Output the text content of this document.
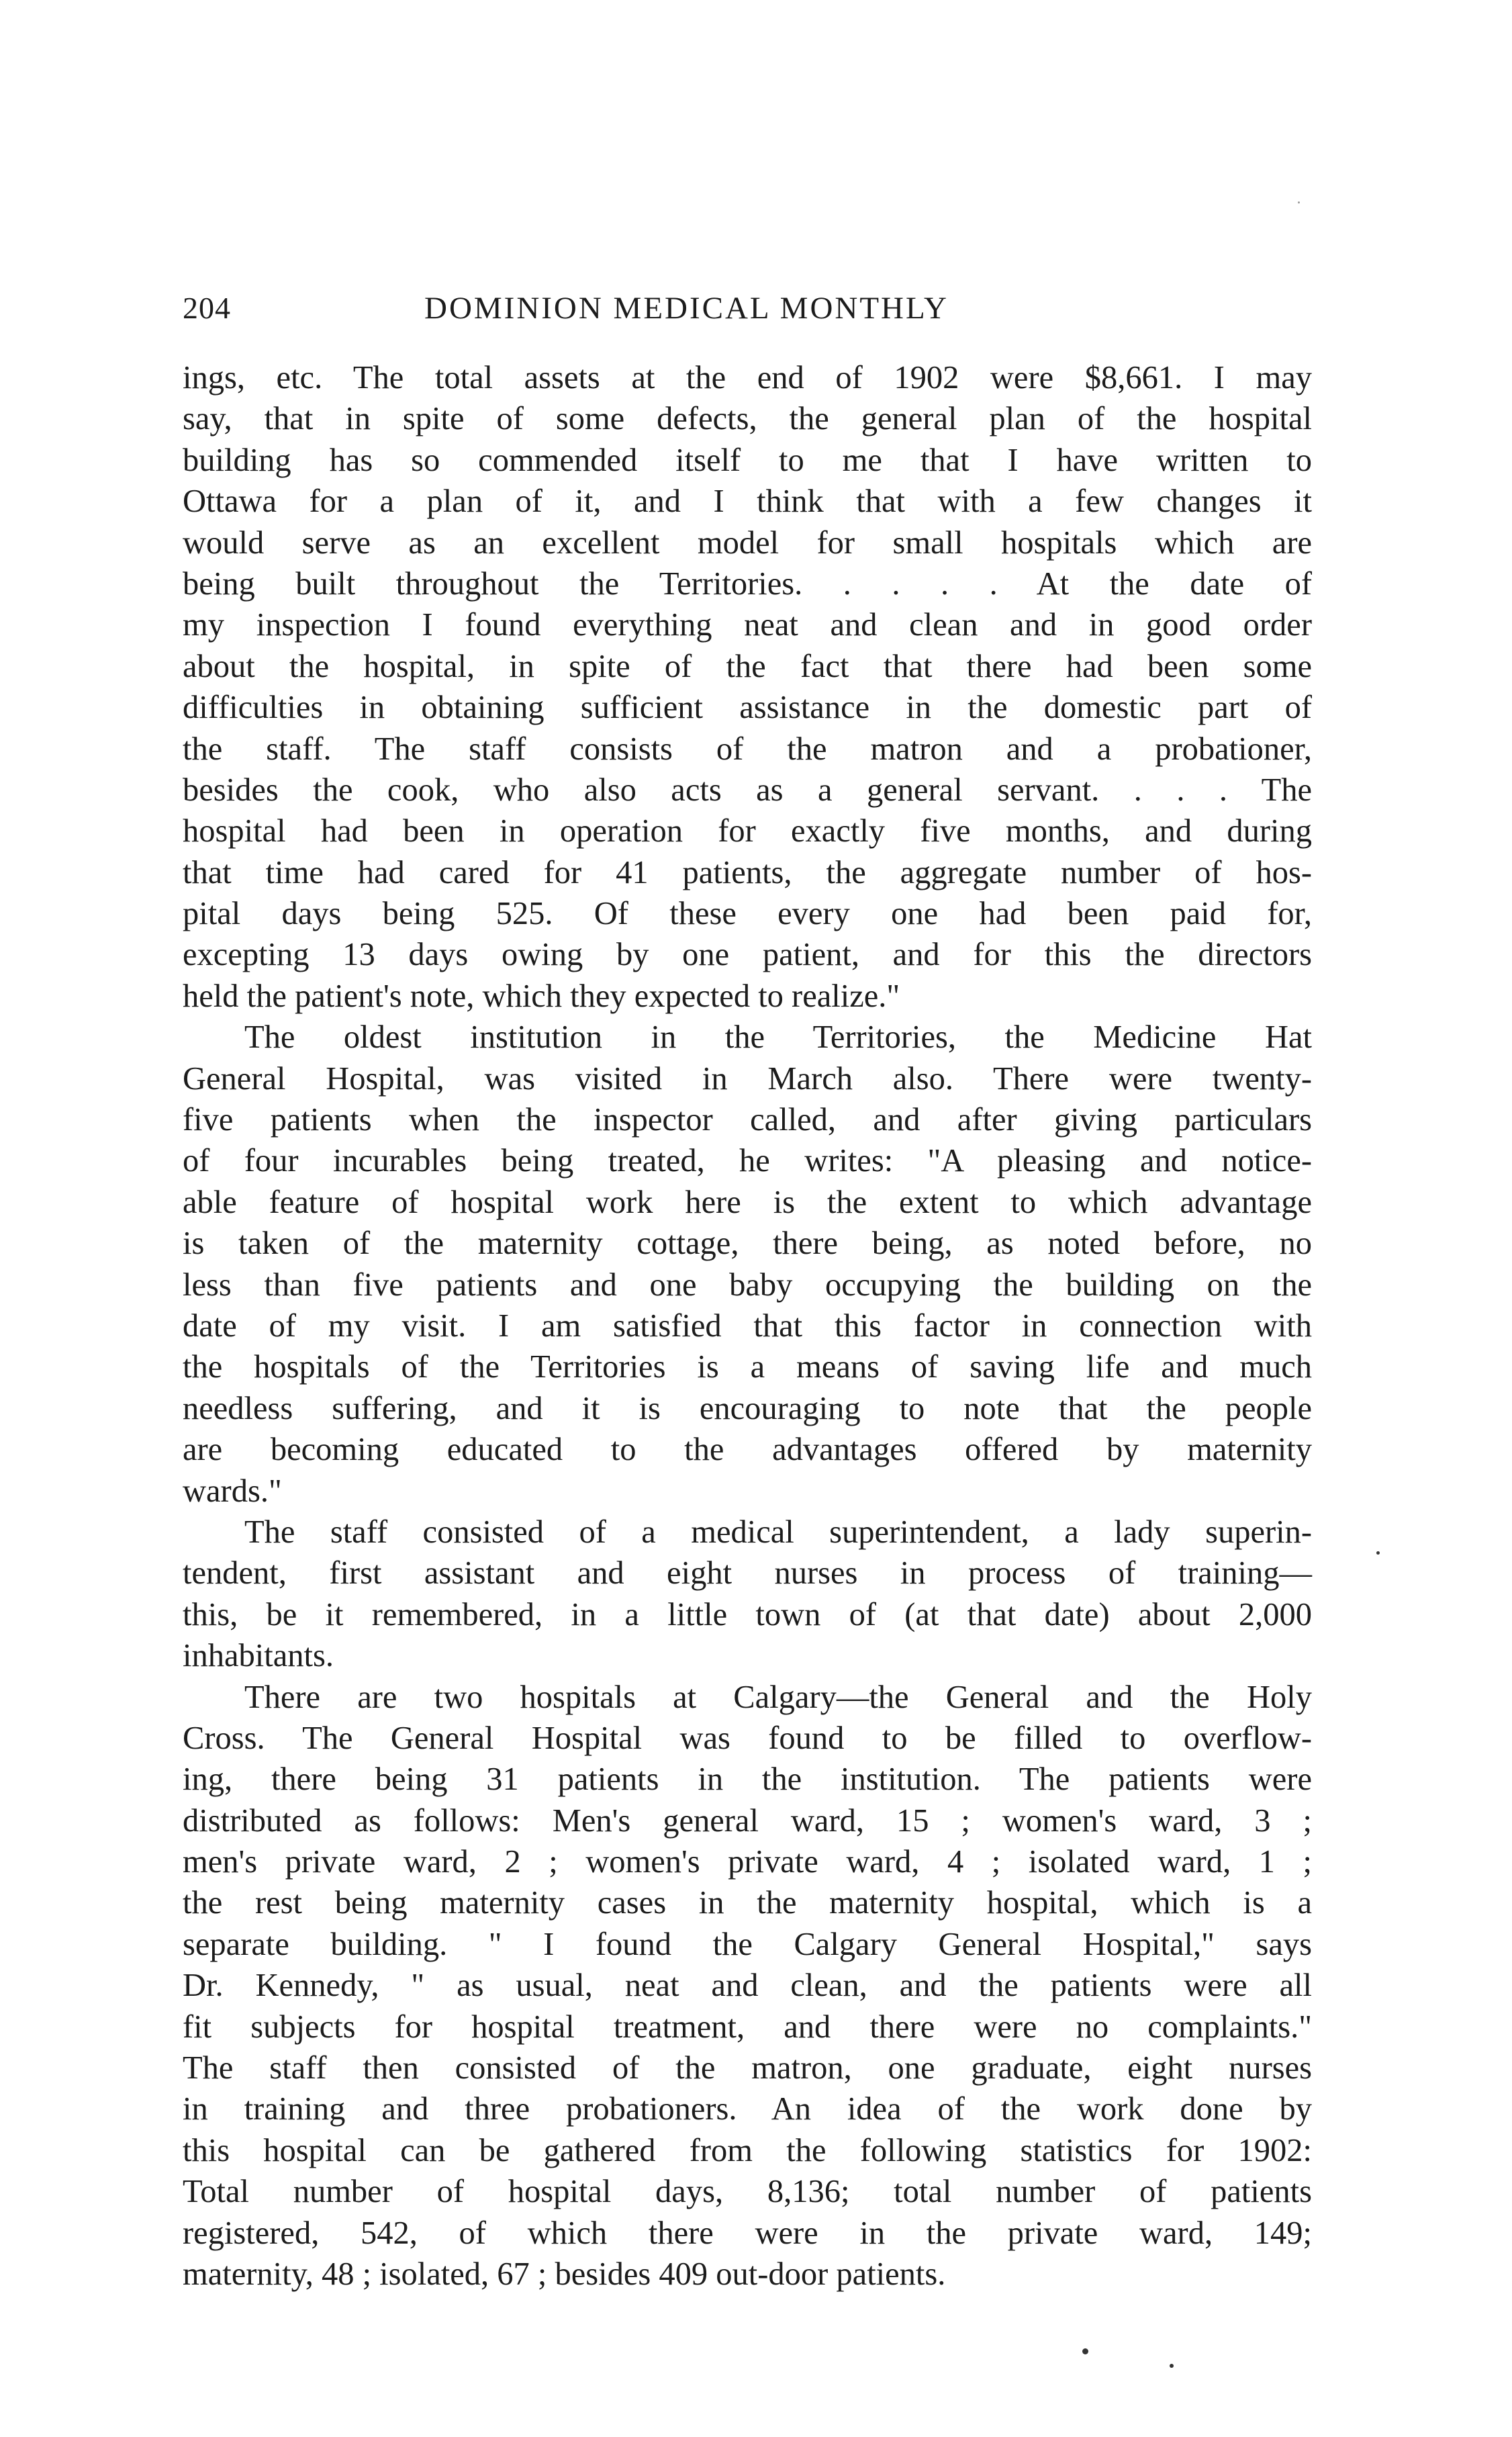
204	DOMINION MEDICAL MONTHLY
ings, etc. The total assets at the end of 1902 were $8,661. I may
say, that in spite of some defects, the general plan of the hospital
building has so commended itself to me that I have written to
Ottawa for a plan of it, and I think that with a few changes it
would serve as an excellent model for small hospitals which are
being built throughout the Territories. . . . . At the date of
my inspection I found everything neat and clean and in good order
about the hospital, in spite of the fact that there had been some
difficulties in obtaining sufficient assistance in the domestic part of
the staff. The staff consists of the matron and a probationer,
besides the cook, who also acts as a general servant. . . . The
hospital had been in operation for exactly five months, and during
that time had cared for 41 patients, the aggregate number of hos-
pital days being 525. Of these every one had been paid for,
excepting 13 days owing by one patient, and for this the directors
held the patient's note, which they expected to realize."
The oldest institution in the Territories, the Medicine Hat
General Hospital, was visited in March also. There were twenty-
five patients when the inspector called, and after giving particulars
of four incurables being treated, he writes: "A pleasing and notice-
able feature of hospital work here is the extent to which advantage
is taken of the maternity cottage, there being, as noted before, no
less than five patients and one baby occupying the building on the
date of my visit. I am satisfied that this factor in connection with
the hospitals of the Territories is a means of saving life and much
needless suffering, and it is encouraging to note that the people
are becoming educated to the advantages offered by maternity
wards."
The staff consisted of a medical superintendent, a lady superin-
tendent, first assistant and eight nurses in process of training—
this, be it remembered, in a little town of (at that date) about 2,000
inhabitants.
There are two hospitals at Calgary—the General and the Holy
Cross. The General Hospital was found to be filled to overflow-
ing, there being 31 patients in the institution. The patients were
distributed as follows: Men's general ward, 15 ; women's ward, 3 ;
men's private ward, 2 ; women's private ward, 4 ; isolated ward, 1 ;
the rest being maternity cases in the maternity hospital, which is a
separate building. " I found the Calgary General Hospital," says
Dr. Kennedy, " as usual, neat and clean, and the patients were all
fit subjects for hospital treatment, and there were no complaints."
The staff then consisted of the matron, one graduate, eight nurses
in training and three probationers. An idea of the work done by
this hospital can be gathered from the following statistics for 1902:
Total number of hospital days, 8,136; total number of patients
registered, 542, of which there were in the private ward, 149;
maternity, 48 ; isolated, 67 ; besides 409 out-door patients.
